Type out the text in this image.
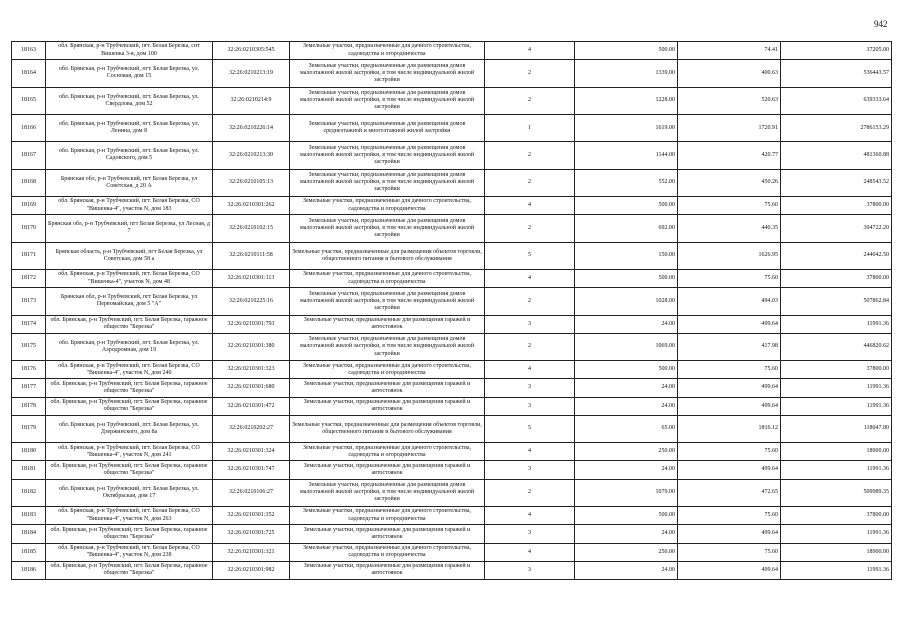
942
18163	обл. Брянская, р-н Трубчевский, пгт. Белая Березка, снт Вишенка 3-я, дом 100	32:26:0210305:545	Земельные участки, предназначенные для дачного строительства, садоводства и огородничества	4	500.00	74.41	37205.00
18164	обл. Брянская, р-н Трубчевский, пгт. Белая Березка, ул. Сосновая, дом 15	32:26:0210213:19	Земельные участки, предназначенные для размещения домов малоэтажной жилой застройки, в том числе индивидуальной жилой застройки	2	1339.00	400.63	536443.57
18165	обл. Брянская, р-н Трубчевский, пгт. Белая Березка, ул. Свердлова, дом 52	32:26:0210214:9	Земельные участки, предназначенные для размещения домов малоэтажной жилой застройки, в том числе индивидуальной жилой застройки	2	1228.00	520.63	639333.64
18166	обл. Брянская, р-н Трубчевский, пгт. Белая Березка, ул. Ленина, дом 8	32:26:0210226:14	Земельные участки, предназначенные для размещения домов среднеэтажной и многоэтажной жилой застройки	1	1619.00	1720.91	2786153.29
18167	обл. Брянская, р-н Трубчевский, пгт. Белая Березка, ул. Садовского, дом 5	32:26:0210213:30	Земельные участки, предназначенные для размещения домов малоэтажной жилой застройки, в том числе индивидуальной жилой застройки	2	1144.00	420.77	481360.88
18168	Брянская обл, р-н Трубчевский, пгт Белая Березка, ул Советская, д 20 А	32:26:0210105:13	Земельные участки, предназначенные для размещения домов малоэтажной жилой застройки, в том числе индивидуальной жилой застройки	2	552.00	450.26	248543.52
18169	обл. Брянская, р-н Трубчевский, пгт. Белая Березка, СО "Вишенка-4", участок N, дом 183	32:26:0210301:262	Земельные участки, предназначенные для дачного строительства, садоводства и огородничества	4	500.00	75.60	37800.00
18170	Брянская обл, р-н Трубчевский, пгт Белая Березка, ул Лесная, д 7	32:26:0210102:15	Земельные участки, предназначенные для размещения домов малоэтажной жилой застройки, в том числе индивидуальной жилой застройки	2	692.00	440.35	304722.20
18171	Брянская область, р-н Трубчевский, пгт Белая Березка, ул Советская, дом 58 а	32:26:0210111:58	Земельные участки, предназначенные для размещения объектов торговли, общественного питания и бытового обслуживания	5	150.00	1626.95	244042.50
18172	обл. Брянская, р-н Трубчевский, пгт. Белая Березка, СО "Вишенка-4", участок N, дом 48	32:26:0210301:113	Земельные участки, предназначенные для дачного строительства, садоводства и огородничества	4	500.00	75.60	37800.00
18173	Брянская обл, р-н Трубчевский, пгт Белая Березка, ул Первомайская, дом 5 "А"	32:26:0210225:16	Земельные участки, предназначенные для размещения домов малоэтажной жилой застройки, в том числе индивидуальной жилой застройки	2	1028.00	494.03	507862.84
18174	обл. Брянская, р-н Трубчевский, пгт. Белая Березка, гаражное общество "Березка"	32:26:0210301:793	Земельные участки, предназначенные для размещения гаражей и автостоянок	3	24.00	499.64	11991.36
18175	обл. Брянская, р-н Трубчевский, пгт. Белая Березка, ул. Аэродромная, дом 19	32:26:0210301:380	Земельные участки, предназначенные для размещения домов малоэтажной жилой застройки, в том числе индивидуальной жилой застройки	2	1069.00	417.98	446820.62
18176	обл. Брянская, р-н Трубчевский, пгт. Белая Березка, СО "Вишенка-4", участок N, дом 240	32:26:0210301:323	Земельные участки, предназначенные для дачного строительства, садоводства и огородничества	4	500.00	75.60	37800.00
18177	обл. Брянская, р-н Трубчевский, пгт. Белая Березка, гаражное общество "Березка"	32:26:0210301:680	Земельные участки, предназначенные для размещения гаражей и автостоянок	3	24.00	499.64	11991.36
18178	обл. Брянская, р-н Трубчевский, пгт. Белая Березка, гаражное общество "Березка"	32:26:0210301:472	Земельные участки, предназначенные для размещения гаражей и автостоянок	3	24.00	499.64	11991.36
18179	обл. Брянская, р-н Трубчевский, пгт. Белая Березка, ул. Дзержинского, дом 8а	32:26:0210202:27	Земельные участки, предназначенные для размещения объектов торговли, общественного питания и бытового обслуживания	5	65.00	1816.12	118047.80
18180	обл. Брянская, р-н Трубчевский, пгт. Белая Березка, СО "Вишенка-4", участок N, дом 241	32:26:0210301:324	Земельные участки, предназначенные для дачного строительства, садоводства и огородничества	4	250.00	75.60	18900.00
18181	обл. Брянская, р-н Трубчевский, пгт. Белая Березка, гаражное общество "Березка"	32:26:0210301:747	Земельные участки, предназначенные для размещения гаражей и автостоянок	3	24.00	499.64	11991.36
18182	обл. Брянская, р-н Трубчевский, пгт. Белая Березка, ул. Октябрьская, дом 17	32:26:0210106:27	Земельные участки, предназначенные для размещения домов малоэтажной жилой застройки, в том числе индивидуальной жилой застройки	2	1079.00	472.65	509989.35
18183	обл. Брянская, р-н Трубчевский, пгт. Белая Березка, СО "Вишенка-4", участок N, дом 263	32:26:0210301:352	Земельные участки, предназначенные для дачного строительства, садоводства и огородничества	4	500.00	75.60	37800.00
18184	обл. Брянская, р-н Трубчевский, пгт. Белая Березка, гаражное общество "Березка"	32:26:0210301:725	Земельные участки, предназначенные для размещения гаражей и автостоянок	3	24.00	499.64	11991.36
18185	обл. Брянская, р-н Трубчевский, пгт. Белая Березка, СО "Вишенка-4", участок N, дом 238	32:26:0210301:321	Земельные участки, предназначенные для дачного строительства, садоводства и огородничества	4	250.00	75.60	18900.00
18186	обл. Брянская, р-н Трубчевский, пгт. Белая Березка, гаражное общество "Березка"	32:26:0210301:982	Земельные участки, предназначенные для размещения гаражей и автостоянок	3	24.00	499.64	11991.36
